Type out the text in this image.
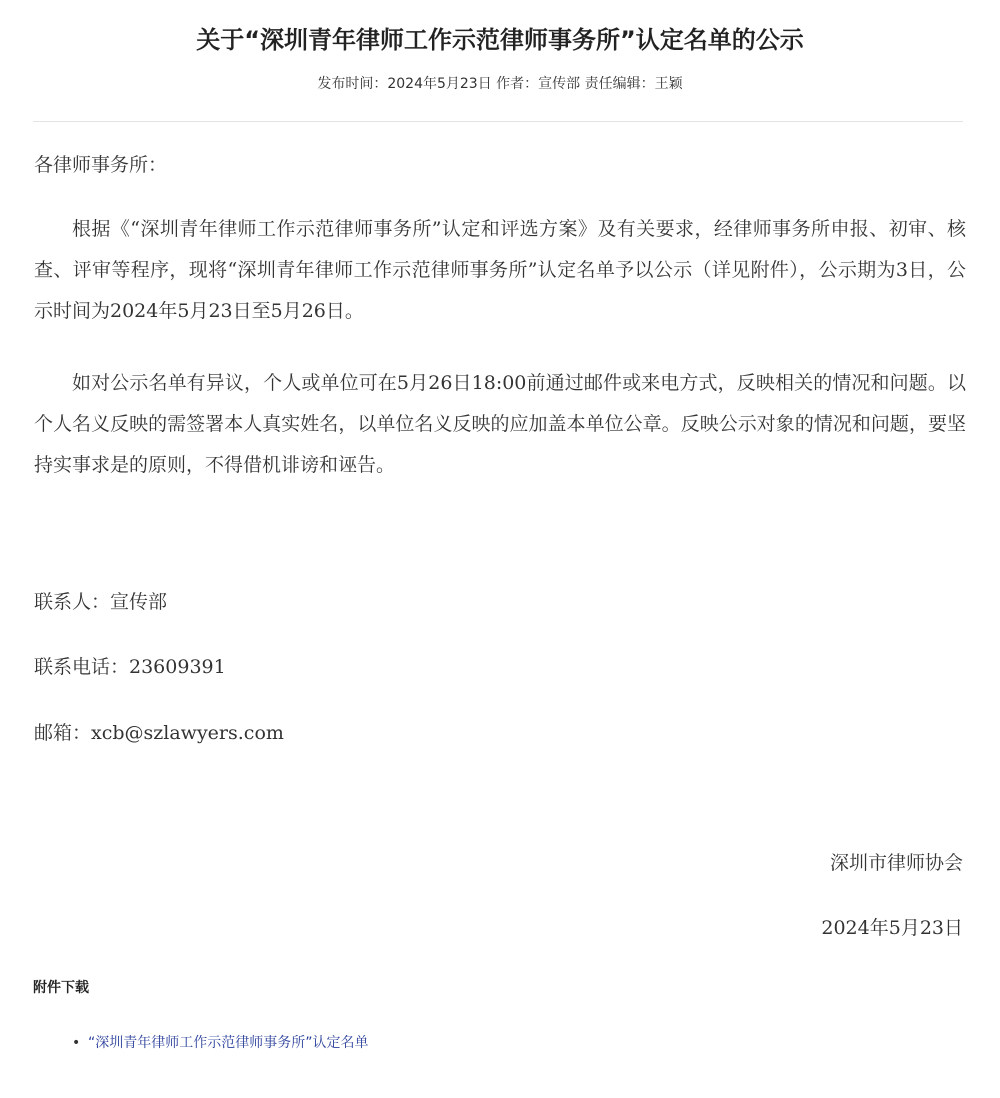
关于“深圳青年律师工作示范律师事务所”认定名单的公示
发布时间：2024年5月23日 作者：宣传部 责任编辑：王颖

各律师事务所：

根据《“深圳青年律师工作示范律师事务所”认定和评选方案》及有关要求，经律师事务所申报、初审、核查、评审等程序，现将“深圳青年律师工作示范律师事务所”认定名单予以公示（详见附件），公示期为3日，公示时间为2024年5月23日至5月26日。

如对公示名单有异议，个人或单位可在5月26日18:00前通过邮件或来电方式，反映相关的情况和问题。以个人名义反映的需签署本人真实姓名，以单位名义反映的应加盖本单位公章。反映公示对象的情况和问题，要坚持实事求是的原则，不得借机诽谤和诬告。

联系人：宣传部

联系电话：23609391

邮箱：xcb@szlawyers.com

深圳市律师协会

2024年5月23日

附件下载
• “深圳青年律师工作示范律师事务所”认定名单
